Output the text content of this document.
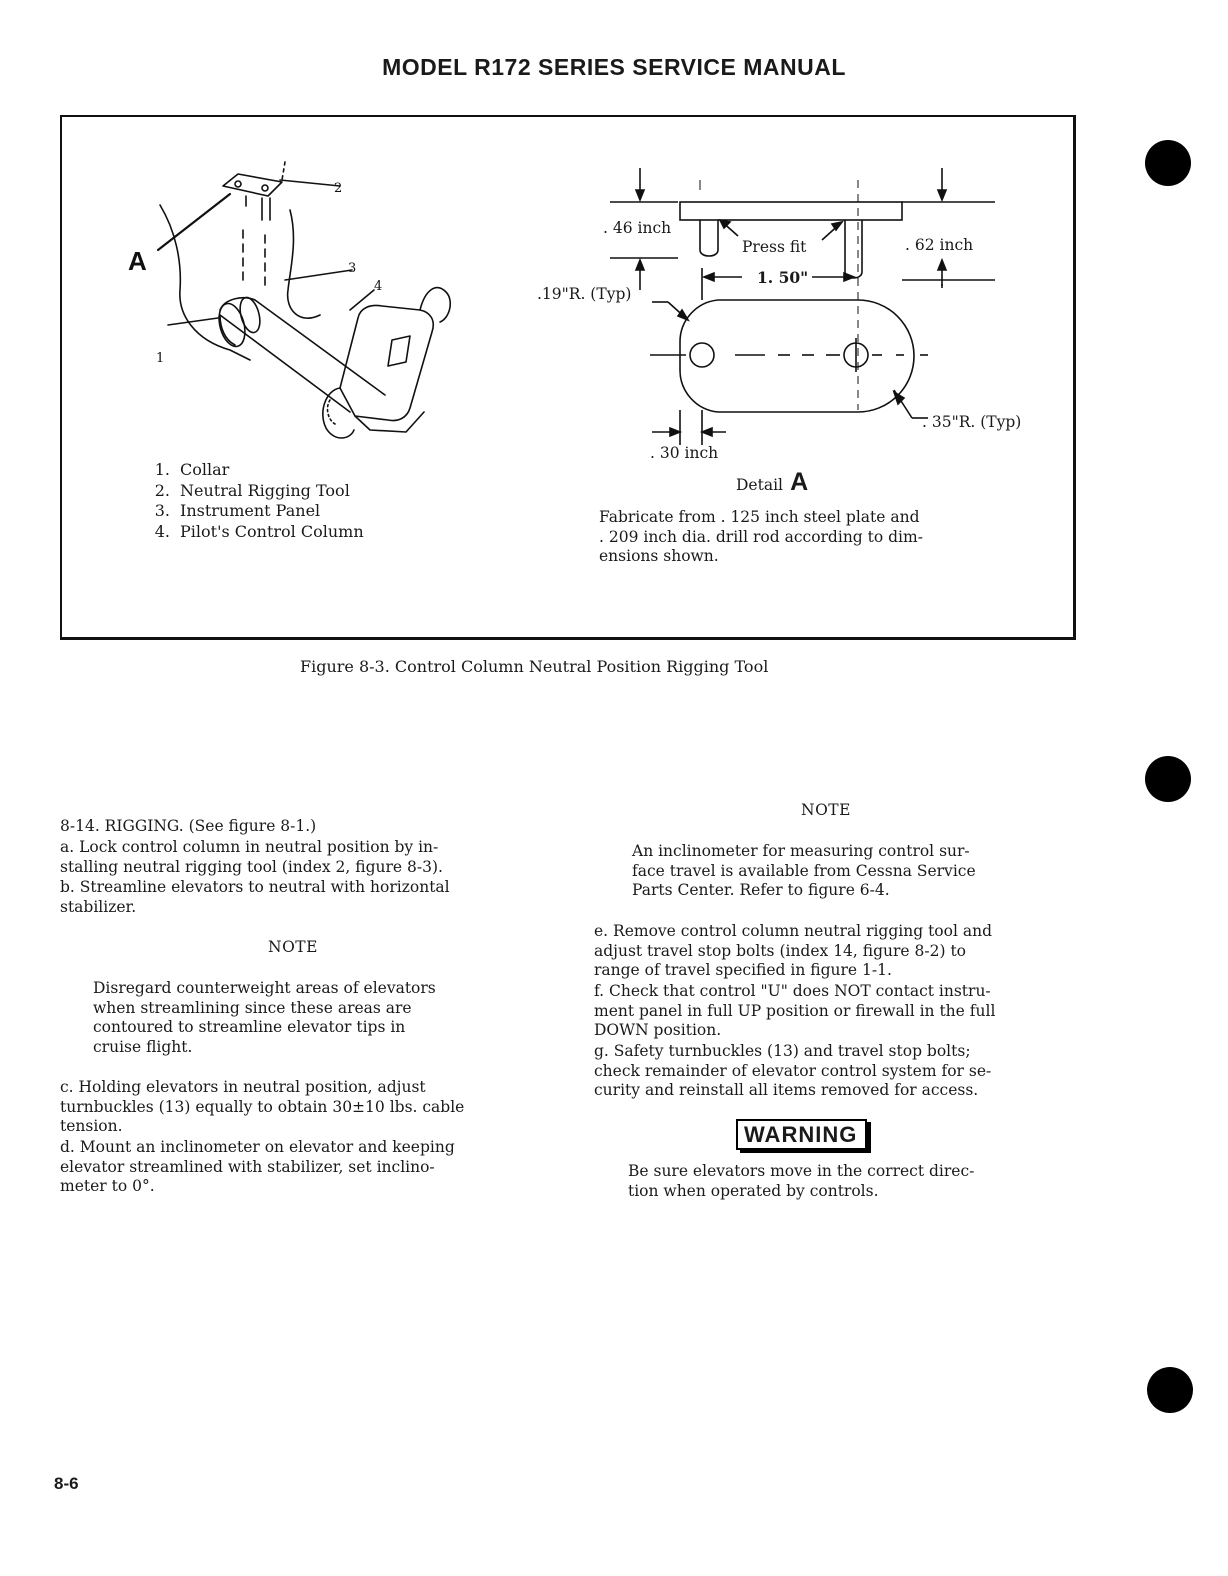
MODEL R172 SERIES SERVICE MANUAL
2
3
4
1
A
1. Collar
2. Neutral Rigging Tool
3. Instrument Panel
4. Pilot's Control Column
. 46 inch
Press fit	. 62 inch
1. 50"
.19"R. (Typ)
. 35"R. (Typ)
. 30 inch
Detail A
Fabricate from . 125 inch steel plate and
. 209 inch dia. drill rod according to dim-
ensions shown.
Figure 8-3. Control Column Neutral Position Rigging Tool
8-14. RIGGING. (See figure 8-1.)
a. Lock control column in neutral position by in-
stalling neutral rigging tool (index 2, figure 8-3).
b. Streamline elevators to neutral with horizontal
stabilizer.
NOTE
Disregard counterweight areas of elevators
when streamlining since these areas are
contoured to streamline elevator tips in
cruise flight.
c. Holding elevators in neutral position, adjust
turnbuckles (13) equally to obtain 30±10 lbs. cable
tension.
d. Mount an inclinometer on elevator and keeping
elevator streamlined with stabilizer, set inclino-
meter to 0°.
NOTE
An inclinometer for measuring control sur-
face travel is available from Cessna Service
Parts Center. Refer to figure 6-4.
e. Remove control column neutral rigging tool and
adjust travel stop bolts (index 14, figure 8-2) to
range of travel specified in figure 1-1.
f. Check that control "U" does NOT contact instru-
ment panel in full UP position or firewall in the full
DOWN position.
g. Safety turnbuckles (13) and travel stop bolts;
check remainder of elevator control system for se-
curity and reinstall all items removed for access.
WARNING
Be sure elevators move in the correct direc-
tion when operated by controls.
8-6
